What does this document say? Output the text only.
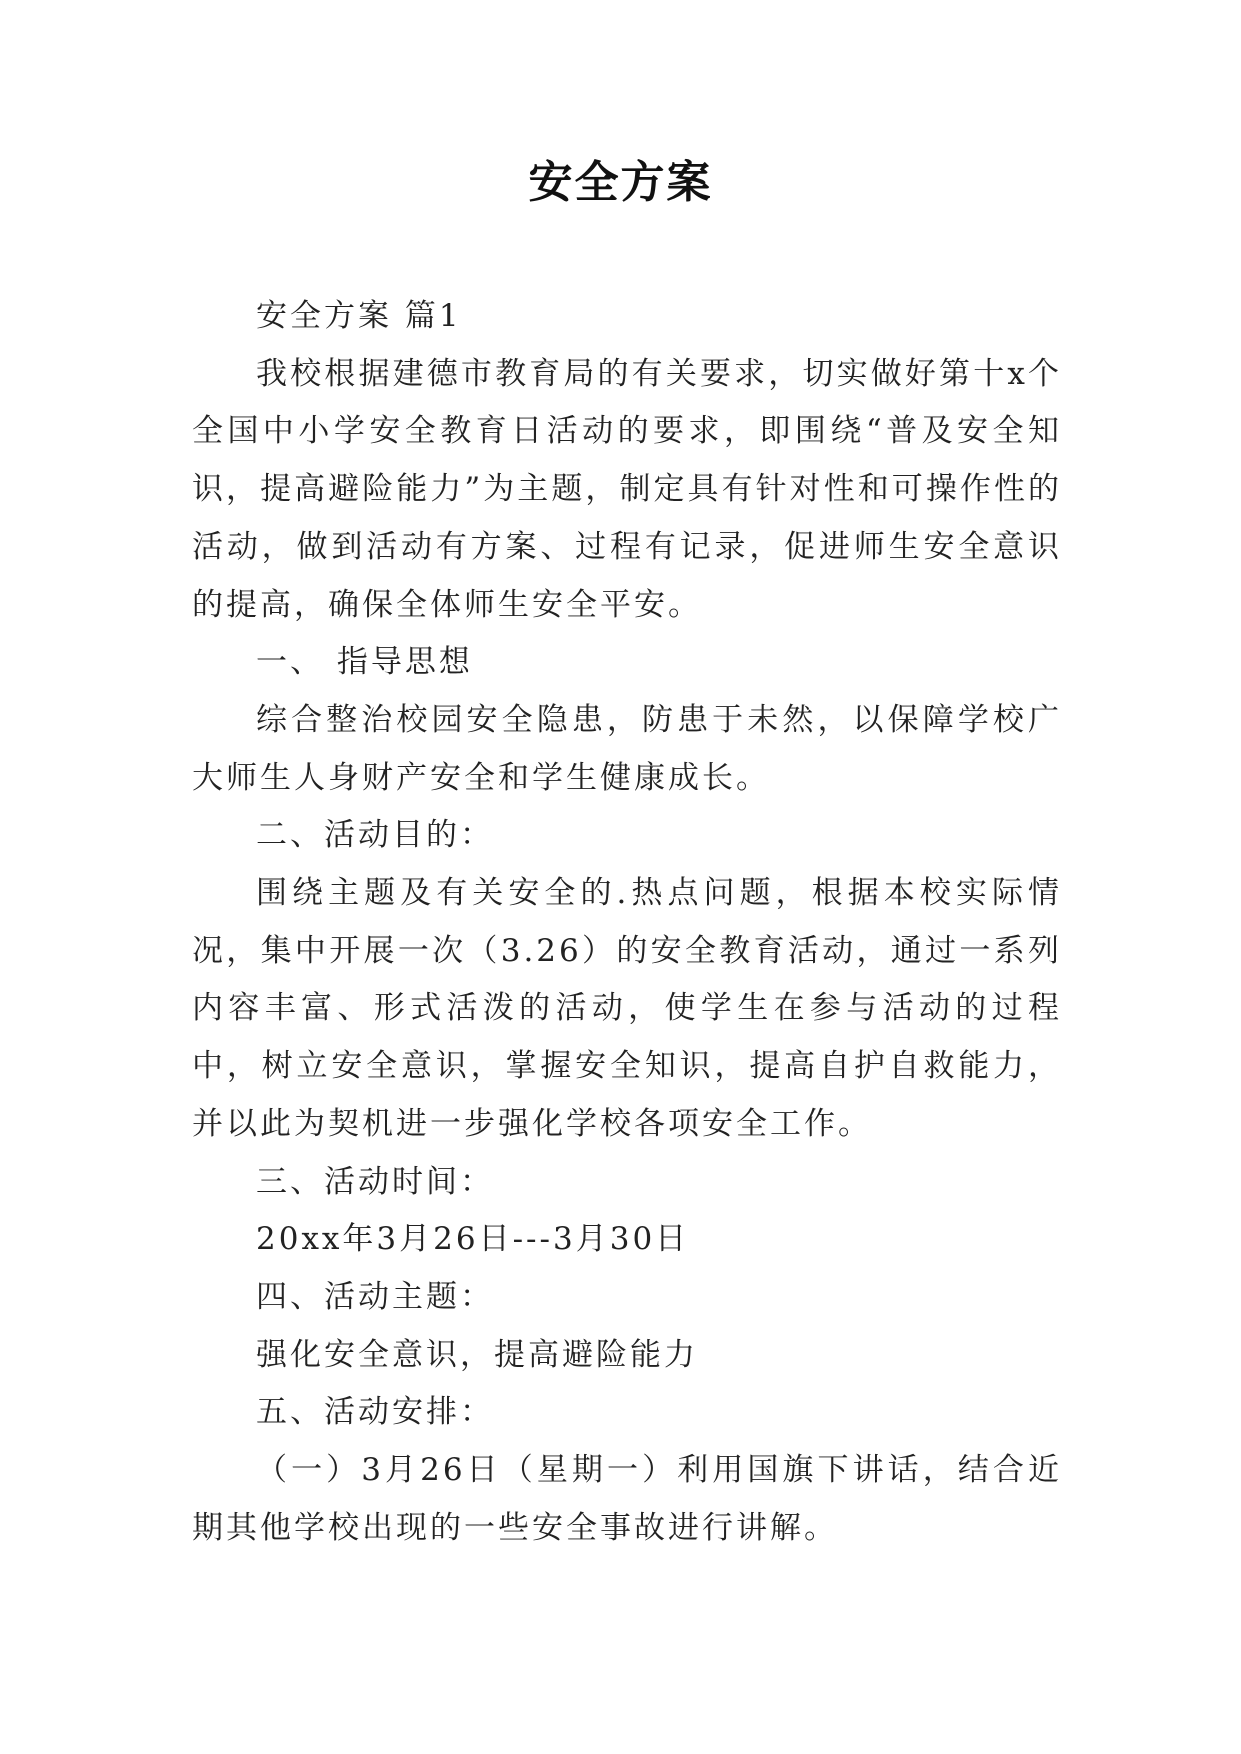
安全方案

安全方案 篇1

我校根据建德市教育局的有关要求，切实做好第十x个全国中小学安全教育日活动的要求，即围绕“普及安全知识，提高避险能力”为主题，制定具有针对性和可操作性的活动，做到活动有方案、过程有记录，促进师生安全意识的提高，确保全体师生安全平安。

一、 指导思想

综合整治校园安全隐患，防患于未然，以保障学校广大师生人身财产安全和学生健康成长。

二、活动目的：

围绕主题及有关安全的.热点问题，根据本校实际情况，集中开展一次（3.26）的安全教育活动，通过一系列内容丰富、形式活泼的活动，使学生在参与活动的过程中，树立安全意识，掌握安全知识，提高自护自救能力，并以此为契机进一步强化学校各项安全工作。

三、活动时间：

20xx年3月26日---3月30日

四、活动主题：

强化安全意识，提高避险能力

五、活动安排：

（一）3月26日（星期一）利用国旗下讲话，结合近期其他学校出现的一些安全事故进行讲解。
